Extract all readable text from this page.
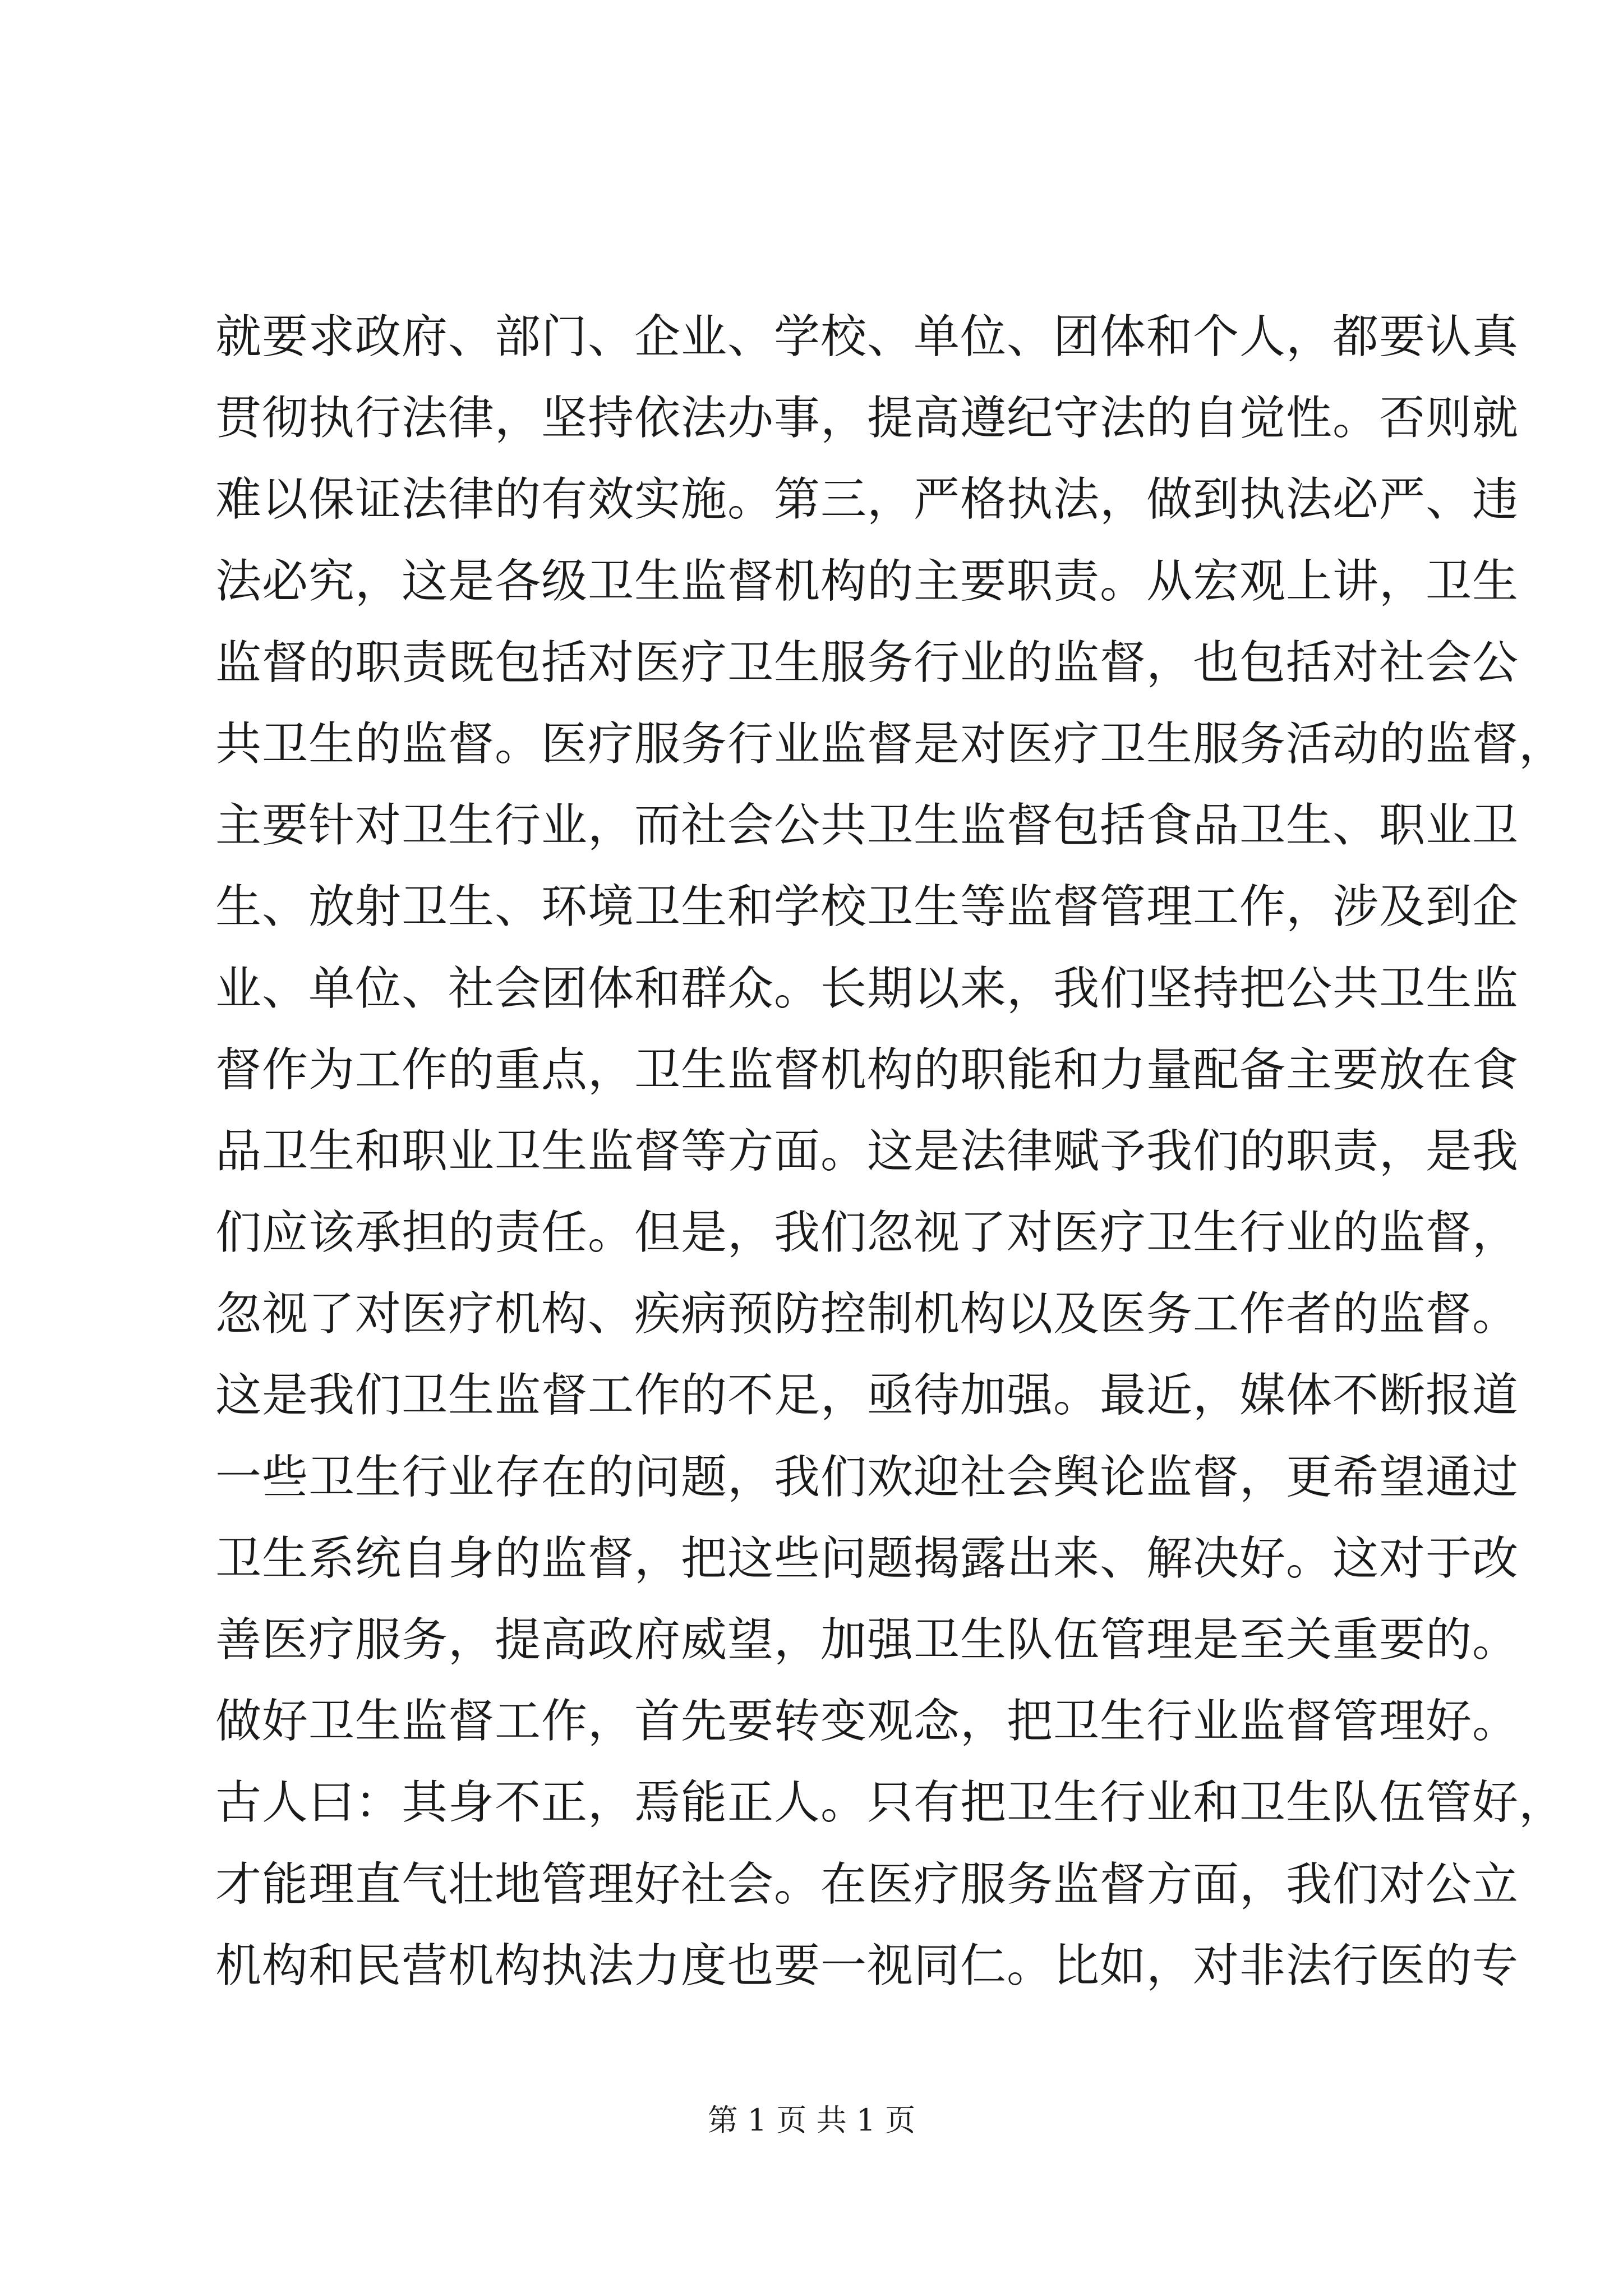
就要求政府、部门、企业、学校、单位、团体和个人，都要认真
贯彻执行法律，坚持依法办事，提高遵纪守法的自觉性。否则就
难以保证法律的有效实施。第三，严格执法，做到执法必严、违
法必究，这是各级卫生监督机构的主要职责。从宏观上讲，卫生
监督的职责既包括对医疗卫生服务行业的监督，也包括对社会公
共卫生的监督。医疗服务行业监督是对医疗卫生服务活动的监督，
主要针对卫生行业，而社会公共卫生监督包括食品卫生、职业卫
生、放射卫生、环境卫生和学校卫生等监督管理工作，涉及到企
业、单位、社会团体和群众。长期以来，我们坚持把公共卫生监
督作为工作的重点，卫生监督机构的职能和力量配备主要放在食
品卫生和职业卫生监督等方面。这是法律赋予我们的职责，是我
们应该承担的责任。但是，我们忽视了对医疗卫生行业的监督，
忽视了对医疗机构、疾病预防控制机构以及医务工作者的监督。
这是我们卫生监督工作的不足，亟待加强。最近，媒体不断报道
一些卫生行业存在的问题，我们欢迎社会舆论监督，更希望通过
卫生系统自身的监督，把这些问题揭露出来、解决好。这对于改
善医疗服务，提高政府威望，加强卫生队伍管理是至关重要的。
做好卫生监督工作，首先要转变观念，把卫生行业监督管理好。
古人曰：其身不正，焉能正人。只有把卫生行业和卫生队伍管好，
才能理直气壮地管理好社会。在医疗服务监督方面，我们对公立
机构和民营机构执法力度也要一视同仁。比如，对非法行医的专
第 1 页 共 1 页
